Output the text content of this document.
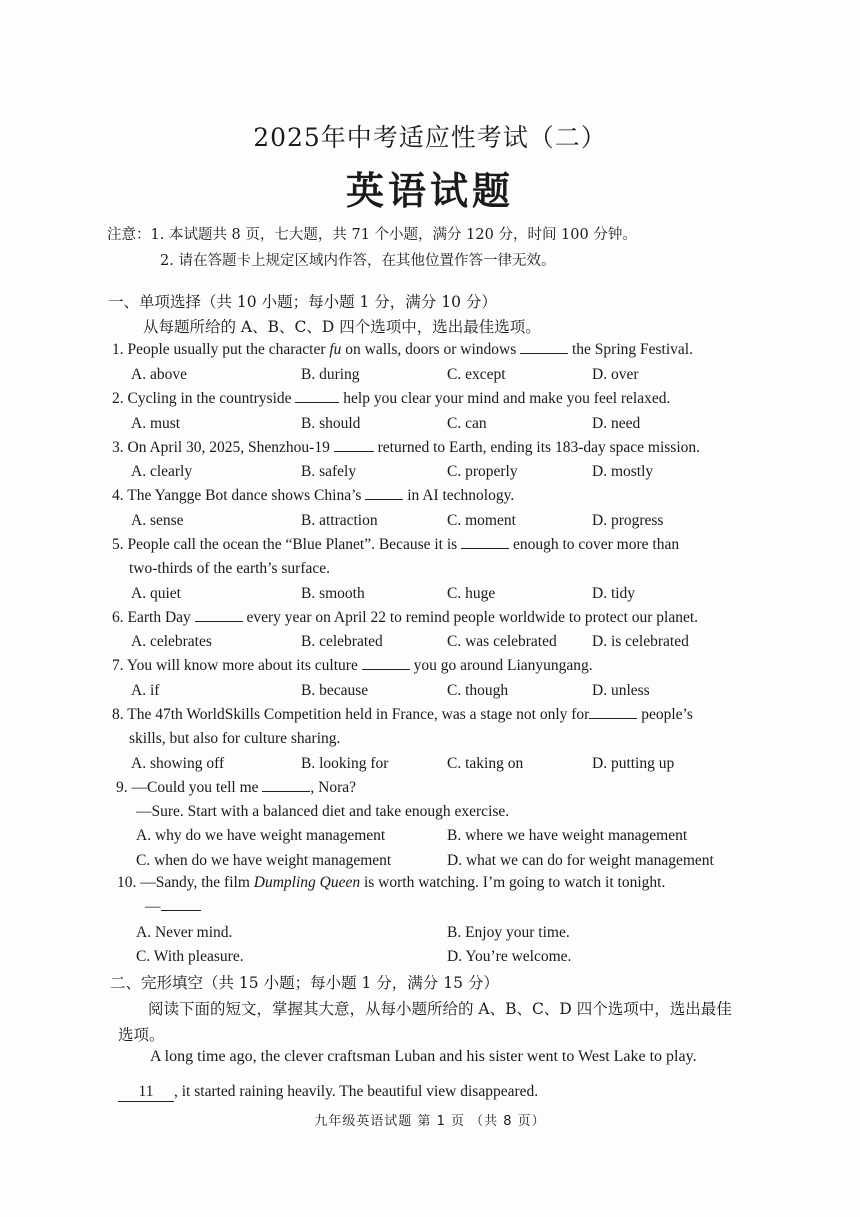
2025年中考适应性考试（二）
英语试题
注意：1. 本试题共 8 页，七大题，共 71 个小题，满分 120 分，时间 100 分钟。
2. 请在答题卡上规定区域内作答，在其他位置作答一律无效。
一、单项选择（共 10 小题；每小题 1 分，满分 10 分）
从每题所给的 A、B、C、D 四个选项中，选出最佳选项。
1. People usually put the character fu on walls, doors or windows	the Spring Festival.
A. above	B. during	C. except	D. over
2. Cycling in the countryside	help you clear your mind and make you feel relaxed.
A. must	B. should	C. can	D. need
3. On April 30, 2025, Shenzhou-19	returned to Earth, ending its 183-day space mission.
A. clearly	B. safely	C. properly	D. mostly
4. The Yangge Bot dance shows China’s  in AI technology.
A. sense	B. attraction	C. moment	D. progress
5. People call the ocean the “Blue Planet”. Because it is	enough to cover more than
two-thirds of the earth’s surface.
A. quiet	B. smooth	C. huge	D. tidy
6. Earth Day	every year on April 22 to remind people worldwide to protect our planet.
A. celebrates	B. celebrated	C. was celebrated D. is celebrated
7. You will know more about its culture	you go around Lianyungang.
A. if	B. because	C. though	D. unless
8. The 47th WorldSkills Competition held in France, was a stage not only for	people’s
skills, but also for culture sharing.
A. showing off	B. looking for	C. taking on	D. putting up
9. —Could you tell me	, Nora?
—Sure. Start with a balanced diet and take enough exercise.
A. why do we have weight management	B. where we have weight management
C. when do we have weight management	D. what we can do for weight management
10. —Sandy, the film Dumpling Queen is worth watching. I’m going to watch it tonight.
—
A. Never mind.	B. Enjoy your time.
C. With pleasure.	D. You’re welcome.
二、完形填空（共 15 小题；每小题 1 分，满分 15 分）
阅读下面的短文，掌握其大意，从每小题所给的 A、B、C、D 四个选项中，选出最佳选项。
A long time ago, the clever craftsman Luban and his sister went to West Lake to play.
11 , it started raining heavily. The beautiful view disappeared.
九年级英语试题 第 1 页 （共 8 页）
